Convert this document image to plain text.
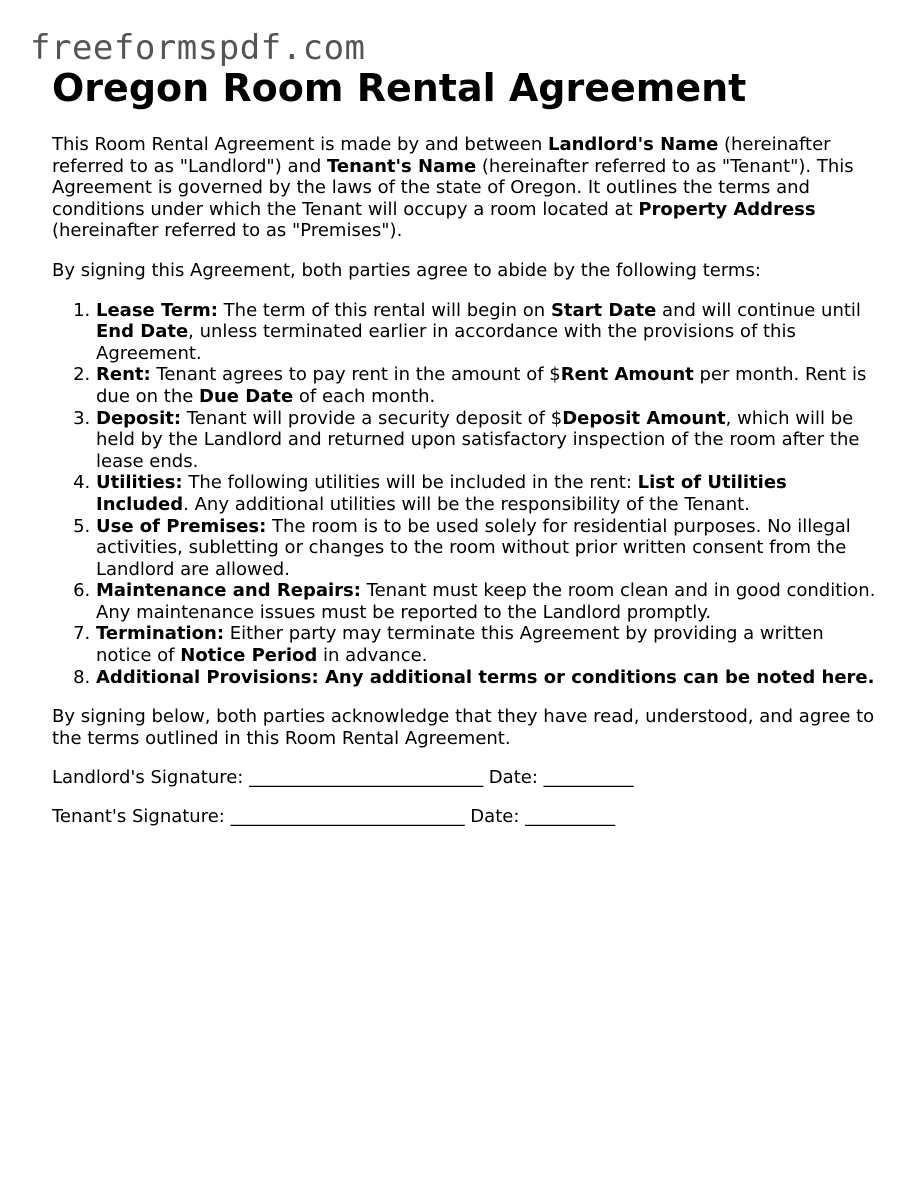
freeformspdf.com
Oregon Room Rental Agreement

This Room Rental Agreement is made by and between Landlord's Name (hereinafter referred to as "Landlord") and Tenant's Name (hereinafter referred to as "Tenant"). This Agreement is governed by the laws of the state of Oregon. It outlines the terms and conditions under which the Tenant will occupy a room located at Property Address (hereinafter referred to as "Premises").

By signing this Agreement, both parties agree to abide by the following terms:

1. Lease Term: The term of this rental will begin on Start Date and will continue until End Date, unless terminated earlier in accordance with the provisions of this Agreement.
2. Rent: Tenant agrees to pay rent in the amount of $Rent Amount per month. Rent is due on the Due Date of each month.
3. Deposit: Tenant will provide a security deposit of $Deposit Amount, which will be held by the Landlord and returned upon satisfactory inspection of the room after the lease ends.
4. Utilities: The following utilities will be included in the rent: List of Utilities Included. Any additional utilities will be the responsibility of the Tenant.
5. Use of Premises: The room is to be used solely for residential purposes. No illegal activities, subletting or changes to the room without prior written consent from the Landlord are allowed.
6. Maintenance and Repairs: Tenant must keep the room clean and in good condition. Any maintenance issues must be reported to the Landlord promptly.
7. Termination: Either party may terminate this Agreement by providing a written notice of Notice Period in advance.
8. Additional Provisions: Any additional terms or conditions can be noted here.

By signing below, both parties acknowledge that they have read, understood, and agree to the terms outlined in this Room Rental Agreement.

Landlord's Signature: __________________________ Date: __________

Tenant's Signature: __________________________ Date: __________
